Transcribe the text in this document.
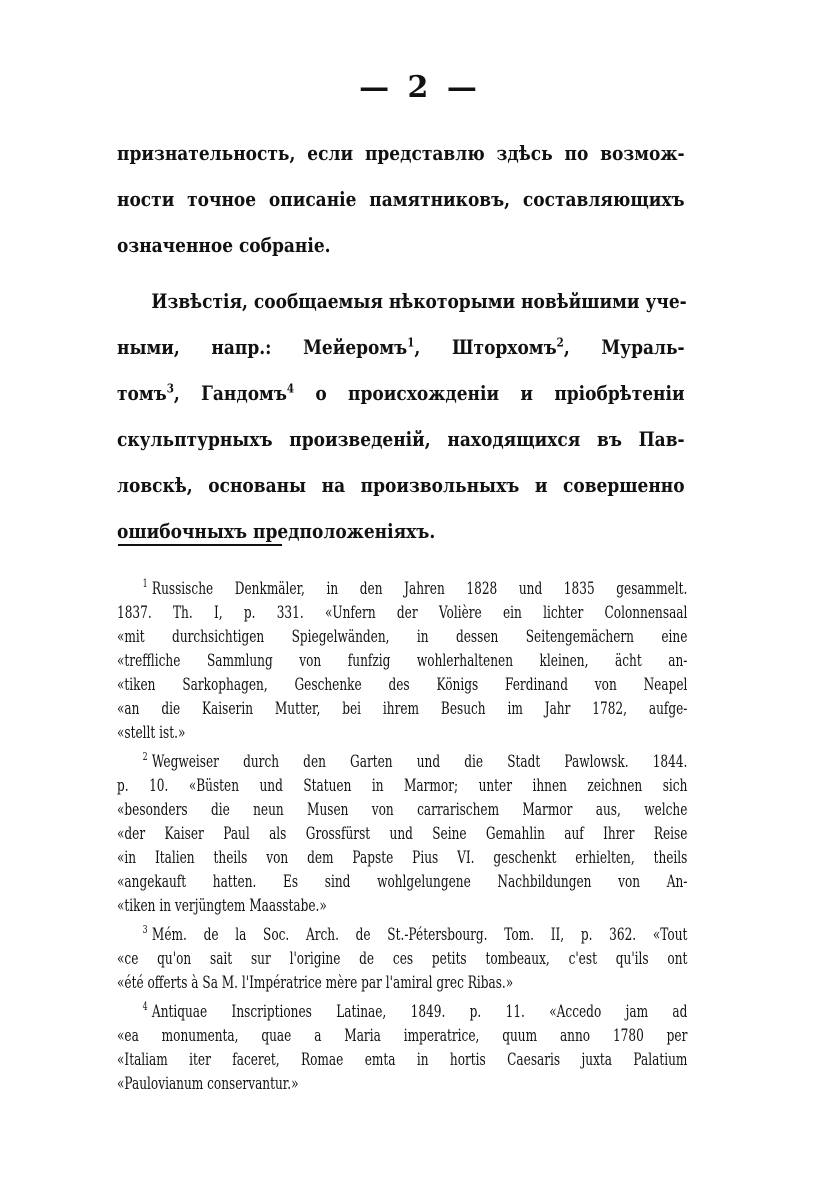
— 2 —
признательность, если представлю здѣсь по возмож-
ности точное описаніе памятниковъ, составляющихъ
означенное собраніе.
Извѣстія, сообщаемыя нѣкоторыми новѣйшими уче-
ными, напр.: Мейеромъ$^1$, Шторхомъ$^2$, Мураль-
томъ$^3$, Гандомъ$^4$ о происхожденіи и пріобрѣтеніи
скульптурныхъ произведеній, находящихся въ Пав-
ловскѣ, основаны на произвольныхъ и совершенно
ошибочныхъ предположеніяхъ.
$^1$ Russische Denkmäler, in den Jahren 1828 und 1835 gesammelt.
1837. Th. I, p. 331. «Unfern der Volière ein lichter Colonnensaal
«mit durchsichtigen Spiegelwänden, in dessen Seitengemächern eine
«treffliche Sammlung von funfzig wohlerhaltenen kleinen, ächt an-
«tiken Sarkophagen, Geschenke des Königs Ferdinand von Neapel
«an die Kaiserin Mutter, bei ihrem Besuch im Jahr 1782, aufge-
«stellt ist.»
$^2$ Wegweiser durch den Garten und die Stadt Pawlowsk. 1844.
p. 10. «Büsten und Statuen in Marmor; unter ihnen zeichnen sich
«besonders die neun Musen von carrarischem Marmor aus, welche
«der Kaiser Paul als Grossfürst und Seine Gemahlin auf Ihrer Reise
«in Italien theils von dem Papste Pius VI. geschenkt erhielten, theils
«angekauft hatten. Es sind wohlgelungene Nachbildungen von An-
«tiken in verjüngtem Maasstabe.»
$^3$ Mém. de la Soc. Arch. de St.-Pétersbourg. Tom. II, p. 362. «Tout
«ce qu'on sait sur l'origine de ces petits tombeaux, c'est qu'ils ont
«été offerts à Sa M. l'Impératrice mère par l'amiral grec Ribas.»
$^4$ Antiquae Inscriptiones Latinae, 1849. p. 11. «Accedo jam ad
«ea monumenta, quae a Maria imperatrice, quum anno 1780 per
«Italiam iter faceret, Romae emta in hortis Caesaris juxta Palatium
«Paulovianum conservantur.»
